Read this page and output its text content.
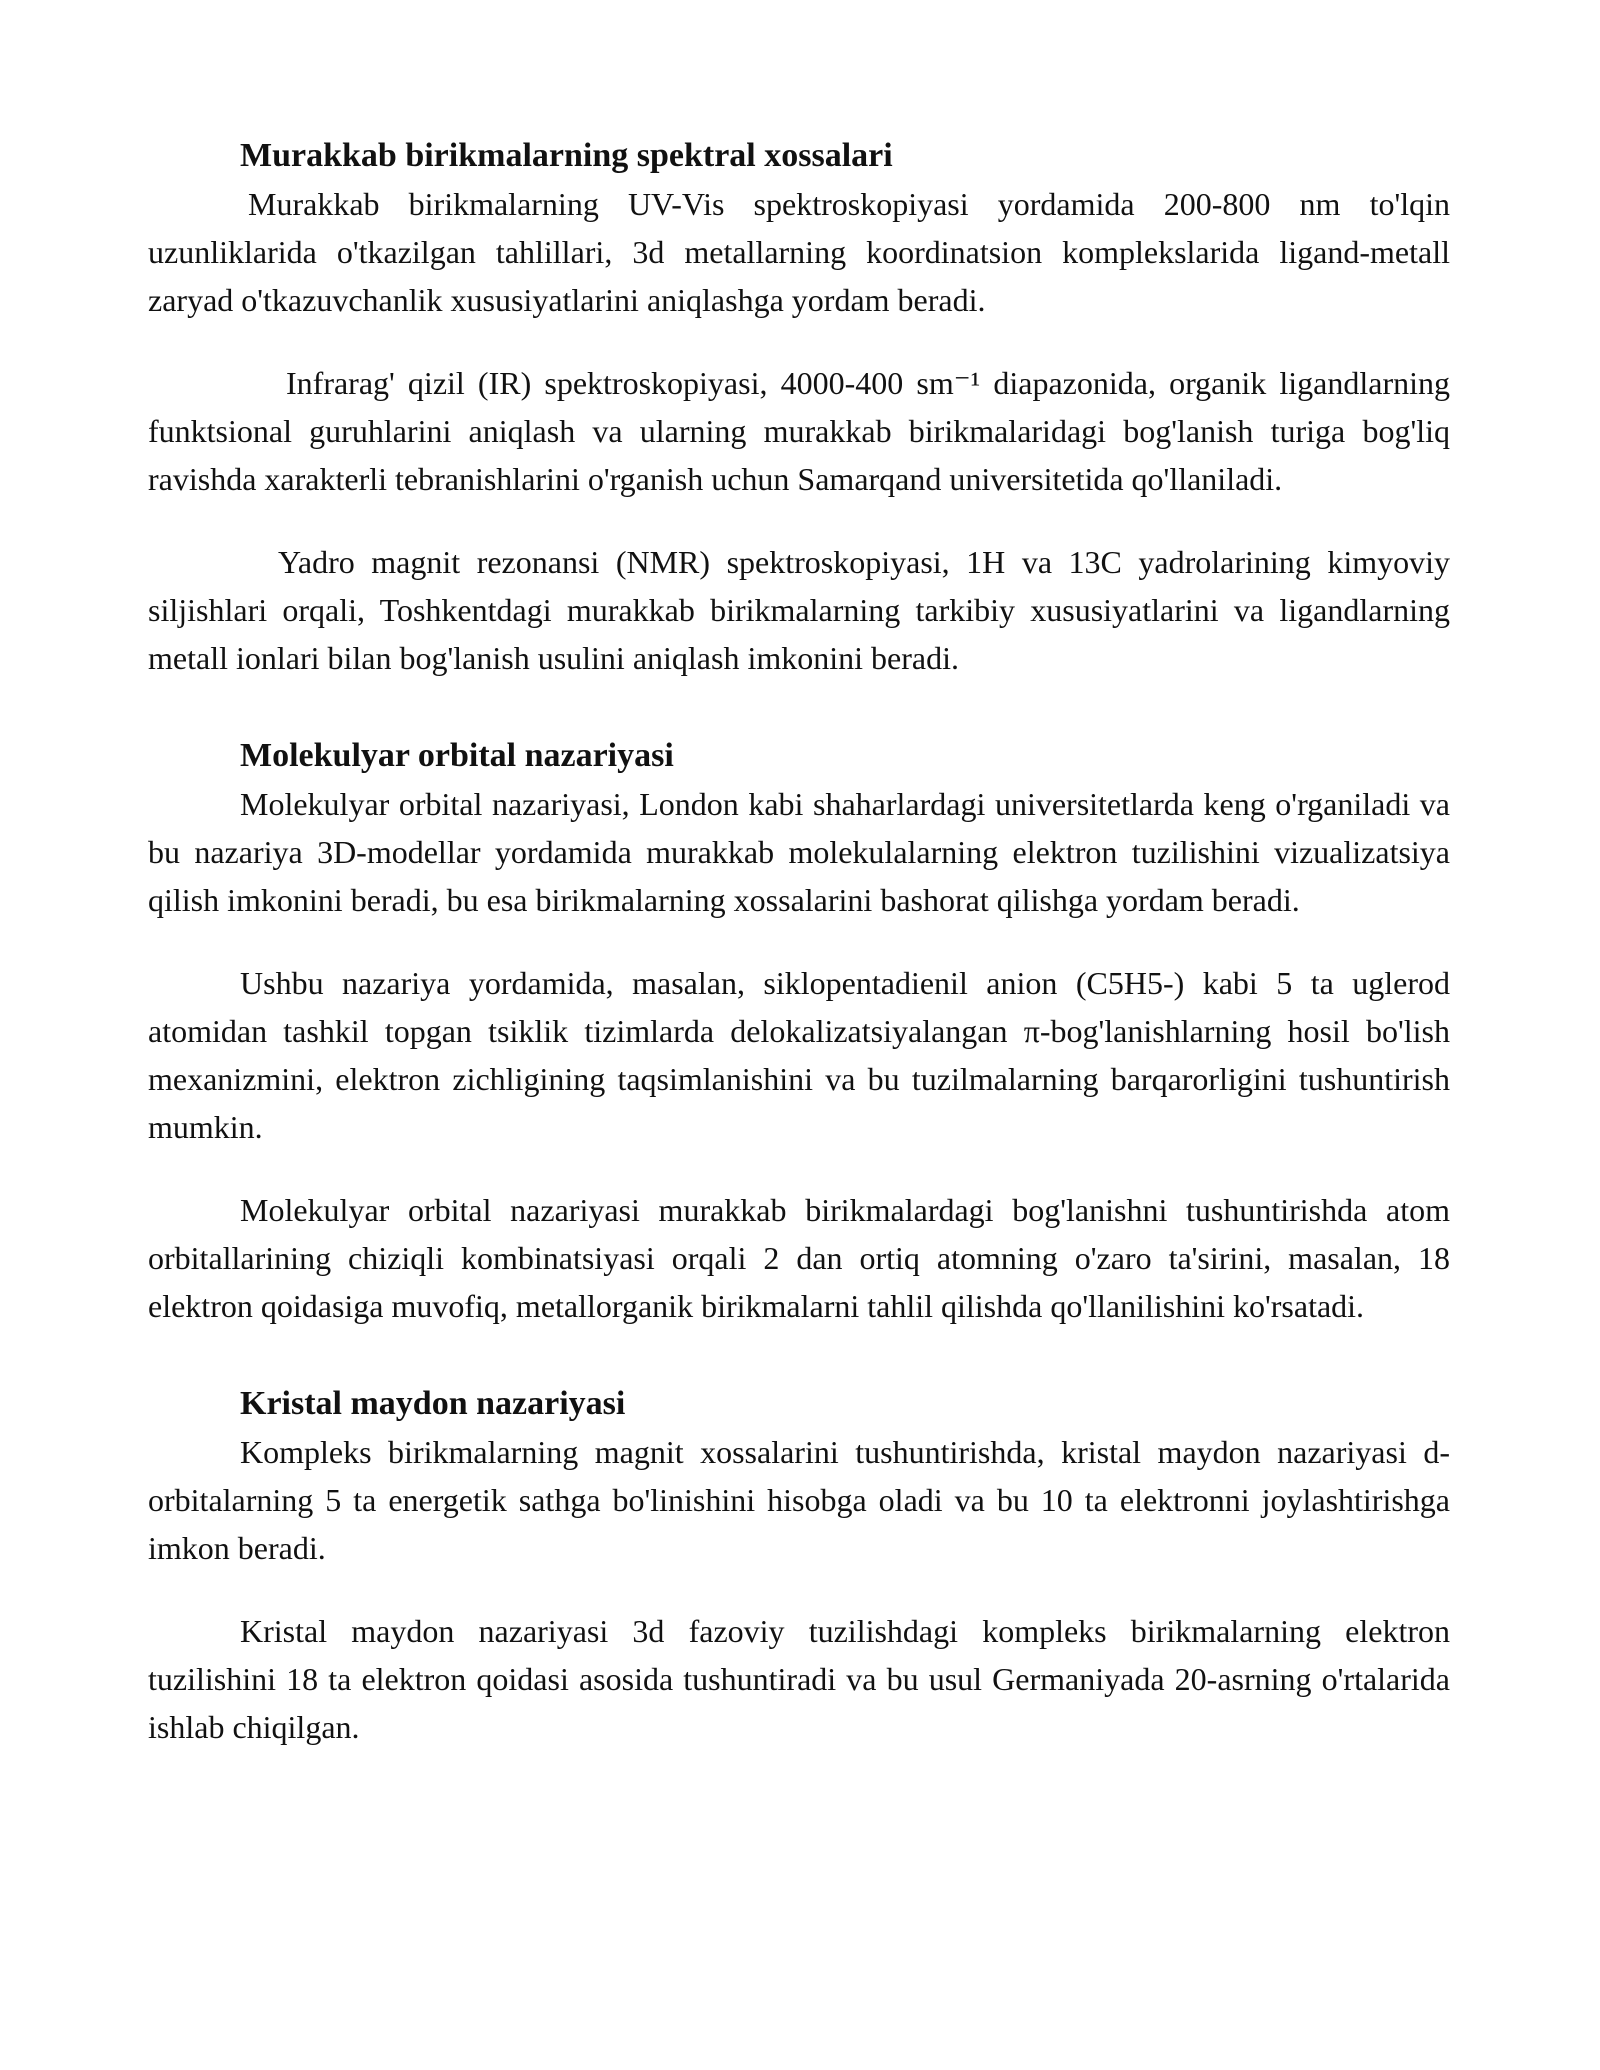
Murakkab birikmalarning spektral xossalari

Murakkab birikmalarning UV-Vis spektroskopiyasi yordamida 200-800 nm to'lqin uzunliklarida o'tkazilgan tahlillari, 3d metallarning koordinatsion komplekslarida ligand-metall zaryad o'tkazuvchanlik xususiyatlarini aniqlashga yordam beradi.

Infrarag' qizil (IR) spektroskopiyasi, 4000-400 sm⁻¹ diapazonida, organik ligandlarning funktsional guruhlarini aniqlash va ularning murakkab birikmalaridagi bog'lanish turiga bog'liq ravishda xarakterli tebranishlarini o'rganish uchun Samarqand universitetida qo'llaniladi.

Yadro magnit rezonansi (NMR) spektroskopiyasi, 1H va 13C yadrolarining kimyoviy siljishlari orqali, Toshkentdagi murakkab birikmalarning tarkibiy xususiyatlarini va ligandlarning metall ionlari bilan bog'lanish usulini aniqlash imkonini beradi.

Molekulyar orbital nazariyasi

Molekulyar orbital nazariyasi, London kabi shaharlardagi universitetlarda keng o'rganiladi va bu nazariya 3D-modellar yordamida murakkab molekulalarning elektron tuzilishini vizualizatsiya qilish imkonini beradi, bu esa birikmalarning xossalarini bashorat qilishga yordam beradi.

Ushbu nazariya yordamida, masalan, siklopentadienil anion (C5H5-) kabi 5 ta uglerod atomidan tashkil topgan tsiklik tizimlarda delokalizatsiyalangan π-bog'lanishlarning hosil bo'lish mexanizmini, elektron zichligining taqsimlanishini va bu tuzilmalarning barqarorligini tushuntirish mumkin.

Molekulyar orbital nazariyasi murakkab birikmalardagi bog'lanishni tushuntirishda atom orbitallarining chiziqli kombinatsiyasi orqali 2 dan ortiq atomning o'zaro ta'sirini, masalan, 18 elektron qoidasiga muvofiq, metallorganik birikmalarni tahlil qilishda qo'llanilishini ko'rsatadi.

Kristal maydon nazariyasi

Kompleks birikmalarning magnit xossalarini tushuntirishda, kristal maydon nazariyasi d-orbitalarning 5 ta energetik sathga bo'linishini hisobga oladi va bu 10 ta elektronni joylashtirishga imkon beradi.

Kristal maydon nazariyasi 3d fazoviy tuzilishdagi kompleks birikmalarning elektron tuzilishini 18 ta elektron qoidasi asosida tushuntiradi va bu usul Germaniyada 20-asrning o'rtalarida ishlab chiqilgan.
